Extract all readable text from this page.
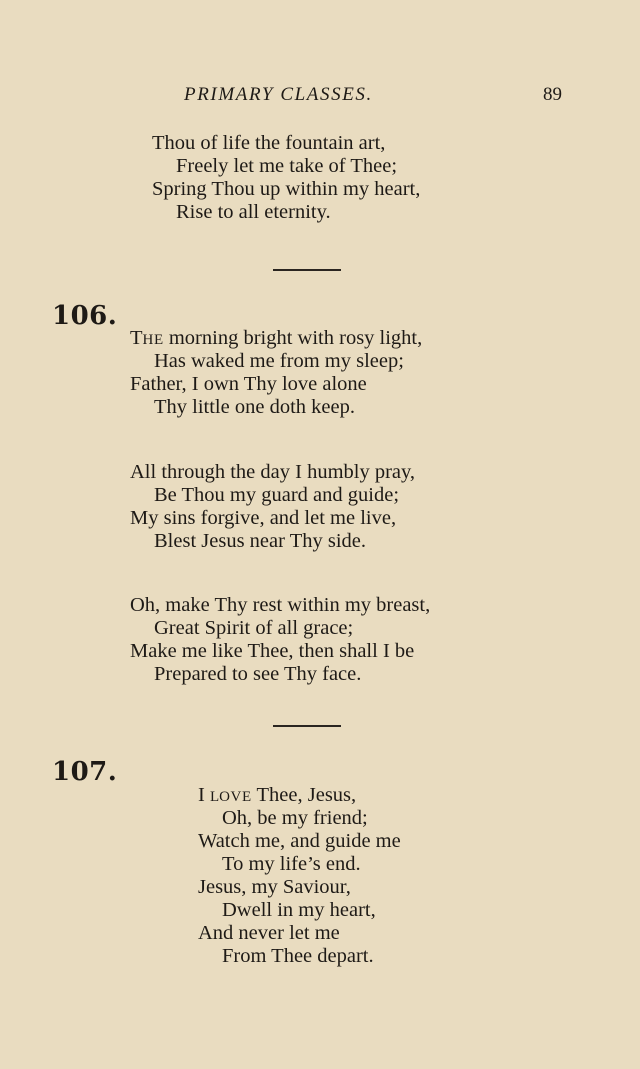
PRIMARY CLASSES.	89
Thou of life the fountain art,
Freely let me take of Thee;
Spring Thou up within my heart,
Rise to all eternity.
106.
THE morning bright with rosy light,
Has waked me from my sleep;
Father, I own Thy love alone
Thy little one doth keep.
All through the day I humbly pray,
Be Thou my guard and guide;
My sins forgive, and let me live,
Blest Jesus near Thy side.
Oh, make Thy rest within my breast,
Great Spirit of all grace;
Make me like Thee, then shall I be
Prepared to see Thy face.
107.
I LOVE Thee, Jesus,
Oh, be my friend;
Watch me, and guide me
To my life’s end.
Jesus, my Saviour,
Dwell in my heart,
And never let me
From Thee depart.
